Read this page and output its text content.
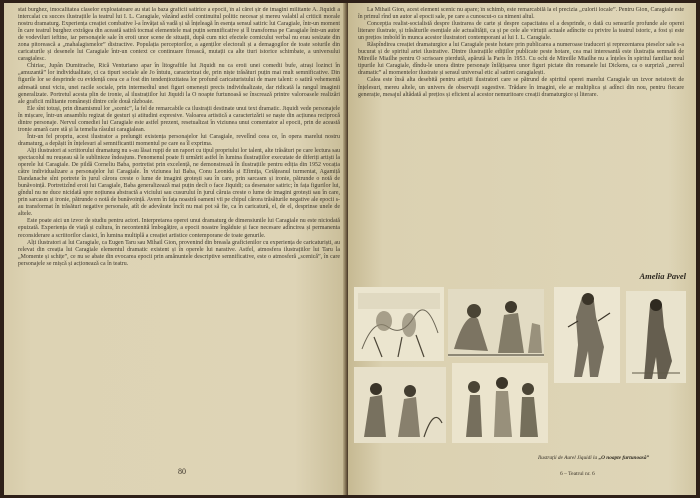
stat burghez, imocalitatea claselor exploatatoare au stat la baza graficii satirice a epocii, în al cărei șir de imagini militante A. Jiquidi a intercalat cu succes ilustrațiile la teatrul lui I. L. Caragiale, văzând astfel continuitul politic necesar și mereu valabil al criticii morale nostru dramaturg. Experiența creației combative l-a învățat să vadă și să înțeleagă în esența sensul satiric lui Caragiale, într-un moment în care teatrul burghez extrăgea din această satiră tocmai elementele mai puțin semnificative și îl transforma pe Caragiale într-un autor de vodeviluri ieftine, iar personajele sale în eroii unor scene de situații, după cum nici efectele comicului verbal nu erau sesizate din zona pitorească a „mahalagismelor” distractive. Populația perceptorilor, a agenților electorali și a demagogilor de toate soiurile din caricaturile și desenele lui Caragiale într-un context ce continuare firească, mutații ca alte tiuri istorice schimbate, a universului caragialesc.

Chiriac, Jupân Dumitrache, Rică Venturiano apar în litografiile lui Jiquidi nu ca eroii unei comedii bufe, atrași lozinci în „amuzantă” lor individualitate, ci ca tipuri sociale ale Jo întuiu, caracterizat de, prin niște trăsături puțin mai mult semnificative. Din figurile lor se desprinde cu evidență ceea ce a fost din tendențiozitatea lor profund caricaturistului de mare talent: o satiră vehementă adresată unui viciu, unei racile sociale, prin intermediul unei figuri omenești precis individualizate, dar ridicată la rangul imaginii generalizate. Portretul acesta plin de ironie, al ilustrațiilor lui Jiquidi la O noapte furtunoasă se înscrează printre valoroasele realizări ale graficii militante românești dintre cele două războaie.

Ele sînt totuși, prin dinamismul lor „scenic”, la fel de remarcabile ca ilustrații destinate unui text dramatic. Jiquidi vede personajele în mișcare, într-un ansamblu regizat de gesturi și atitudini expresive. Valoarea artistică a caracterizării se naște din acțiunea reciprocă dintre personaje. Nervul comediei lui Caragiale este astfel prezent, resetualizat în viziunea unui comentator al epocii, prin de această ironie amară care stă și la temelia râsului caragialean.

Într-un fel propriu, acest ilustrator a prelungit existența personajelor lui Caragiale, revelînd ceea ce, în opera marelui nostru dramaturg, a depășit în înțelesuri al semnificantii momentul pe care ea îl exprima.

Alți ilustratori ai scriitorului dramaturg nu s-au lăsat rupți de un raport cu tipul propriului lor talent, alte trăsături pe care lectura sau spectacolul nu reușeau să le sublinieze îndeajuns. Fenomenul poate fi urmărit astfel în lumina ilustrațiilor executate de diferiți artiști la operele lui Caragiale. De pildă Corneliu Baba, portretist prin excelență, ne demonstrează în ilustrațiile pentru ediția din 1952 vocația câtre individualizare a personajelor lui Caragiale. În viziunea lui Baba, Conu Leonida și Efimița, Cetățeanul turmentat, Agamiță Dandanache sînt portrete în jurul cărora creste o lume de imagini grotești sau în care, prin sarcasm și ironie, pătrunde o notă de bunăvoință. Portretizînd eroii lui Caragiale, Baba generalizează mai puțin decît o face Jiquidi; ca desenator satiric; în fața figurilor lui, gîndul nu ne duce nicidată spre noțiunea abstractă a viciului sau cusurului în jurul căruia creste o lume de imagini grotești sau în care, prin sarcasm și ironie, pătrunde o notă de bunăvoință. Avem în fața noastră oameni vii pe chipul cărora trăsăturile negative ale epocii s-au transformat în trăsături negative personale, atît de adevărate încît nu mai pot să fie, ca în caricatură, el, de el, desprinse unele de altele.

Este poate aici un izvor de studiu pentru actori. Interpretarea operei unui dramaturg de dimensiunile lui Caragiale nu este niciodată epuizată. Experiența de viață și cultura, în necontenită îmbogățire, a epocii noastre îngăduie și face necesare adîncirea și permanenta reconsiderare a scriitorilor clasici, în lumina multiplă a creației artistice contemporane de toate genurile.

Alți ilustratori ai lui Caragiale, ca Eugen Taru sau Mihail Gion, provenind din breasla graficienilor cu experiența de caricaturiști, au relevat din creația lui Caragiale elementul dramatic existent și în operele lui narative. Astfel, atmosfera ilustrațiilor lui Taru la „Momente și schițe”, ce nu se abate din evocarea epocii prin amănuntele descriptive semnificative, este o atmosferă „scenică”, în care personajele se mișcă și acționează ca în teatru.

80

La Mihail Gion, acest element scenic nu apare; în schimb, este remarcabilă la el precizia „culorii locale”. Pentru Gion, Caragiale este în primul rînd un autor al epocii sale, pe care a cunoscut-o ca nimeni altul.

Concepția realist-socialistă despre ilustrarea de carte și despre capacitatea el a desprinde, o dată cu sensurile profunde ale operei literare ilustrate, și trăsăturile esențiale ale actualității, ca și pe cele ale virtuții actuale adîncite cu privire la teatrul istoric, a fost și este un prețios imbold în munca acestor ilustratori contemporani ai lui I. L. Caragiale.

Răspîndirea creației dramaturgice a lui Caragiale peste hotare prin publicarea a numeroase traduceri și reprezentarea pieselor sale s-a bucurat și de spiritul artei ilustrative. Dintre ilustrațiile edițiilor publicate peste hotare, cea mai interesantă este ilustrația semnată de Mireille Miailhe pentru O scrisoare pierdută, apărută la Paris în 1953. Cu ochi de Mireille Miailhe nu a înțeles în spiritul familiar noul tipurile lui Caragiale, dîndu-le unora dintre personaje înfățișarea unor figuri pictate din romanele lui Dickens, ca o surpriză „nervul dramatic” al momentelor ilustrate și sensul universal etic al satirei caragialești.

Calea este însă alta desebită pentru artiștii ilustratori care se pătrund de spiritul operei marelui Caragiale un izvor neistovit de înțelesuri, mereu altele, un univers de observații sugestive. Trădare în imagini, ele ar multiplica și adînci din nou, pentru fiecare generație, mesajul altădată al prețios și eficient al acestor nemuritoare creații dramaturgice și literare.

Amelia Pavel
Ilustrații de Aurel Jiquidi la „O noapte furtunoasă”
6 – Teatrul nr. 6
